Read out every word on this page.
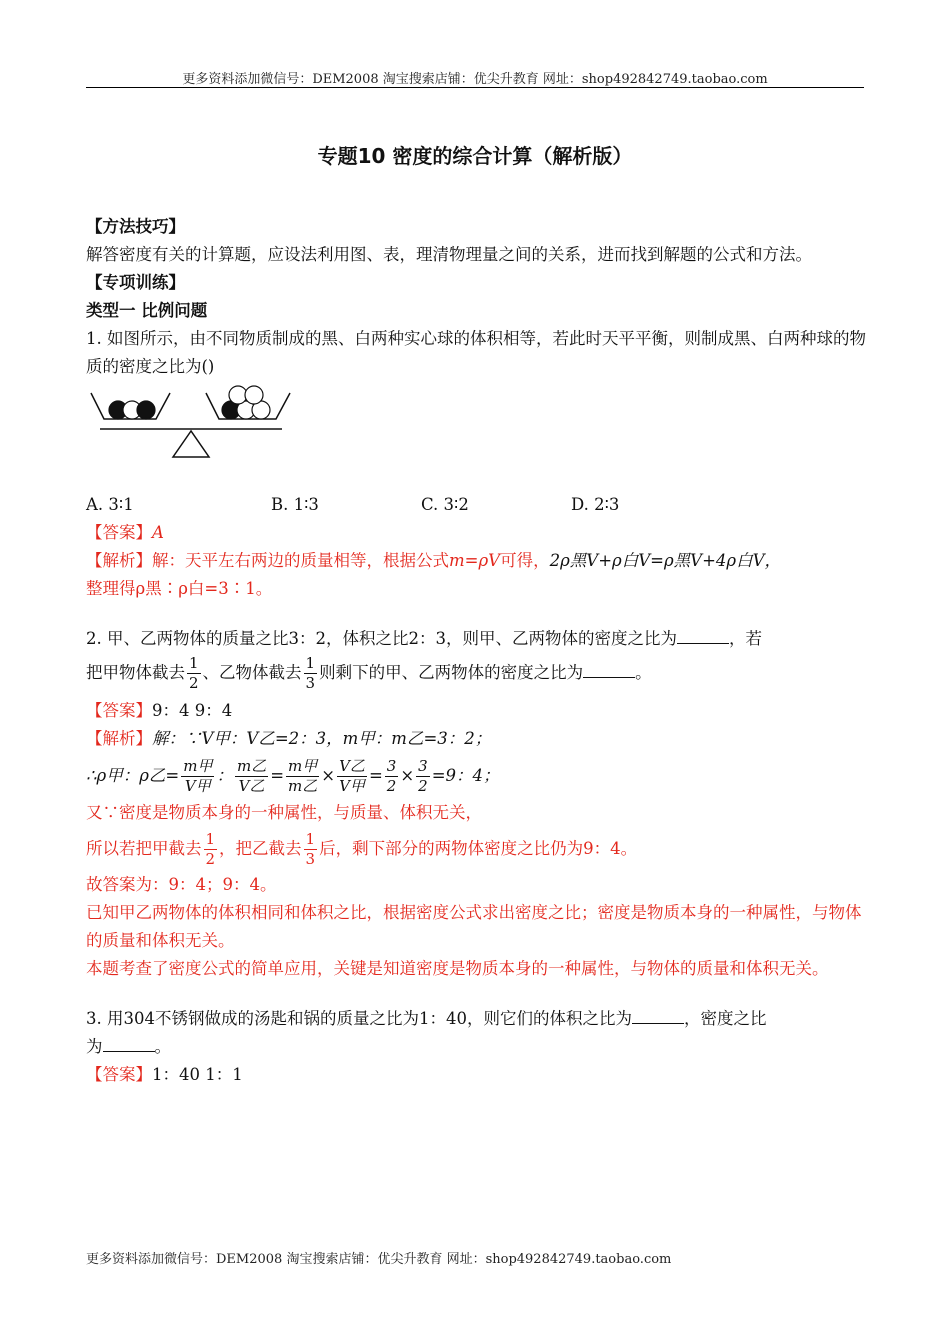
更多资料添加微信号：DEM2008 淘宝搜索店铺：优尖升教育 网址：shop492842749.taobao.com
专题10 密度的综合计算（解析版）

【方法技巧】

解答密度有关的计算题，应设法利用图、表，理清物理量之间的关系，进而找到解题的公式和方法。

【专项训练】

类型一 比例问题

1. 如图所示，由不同物质制成的黑、白两种实心球的体积相等，若此时天平平衡，则制成黑、白两种球的物质的密度之比为()

A. 3∶1	B. 1∶3	C. 3∶2	D. 2∶3

【答案】A

【解析】解：天平左右两边的质量相等，根据公式m=ρV可得，2ρ黑V+ρ白V=ρ黑V+4ρ白V，

整理得ρ黑∶ρ白=3∶1。

2. 甲、乙两物体的质量之比3：2，体积之比2：3，则甲、乙两物体的密度之比为	，若

把甲物体截去 $\frac{1}{2}$ 、乙物体截去 $\frac{1}{3}$ 则剩下的甲、乙两物体的密度之比为	。

【答案】9：4 9：4

【解析】解：∵V甲：V乙=2：3，m甲：m乙=3：2；

∴ρ甲：ρ乙= $\frac{\text{m甲}}{\text{V甲}}$ ： $\frac{\text{m乙}}{\text{V乙}} = \frac{\text{m甲}}{\text{m乙}} \times \frac{\text{V乙}}{\text{V甲}} = \frac{3}{2} \times \frac{3}{2} =9$：4；

又∵密度是物质本身的一种属性，与质量、体积无关，

所以若把甲截去 $\frac{1}{2}$ ，把乙截去 $\frac{1}{3}$ 后，剩下部分的两物体密度之比仍为9：4。

故答案为：9：4；9：4。

已知甲乙两物体的体积相同和体积之比，根据密度公式求出密度之比；密度是物质本身的一种属性，与物体的质量和体积无关。

本题考查了密度公式的简单应用，关键是知道密度是物质本身的一种属性，与物体的质量和体积无关。

3. 用304不锈钢做成的汤匙和锅的质量之比为1：40，则它们的体积之比为	，密度之比

为	。

【答案】1：40 1：1

更多资料添加微信号：DEM2008 淘宝搜索店铺：优尖升教育 网址：shop492842749.taobao.com
